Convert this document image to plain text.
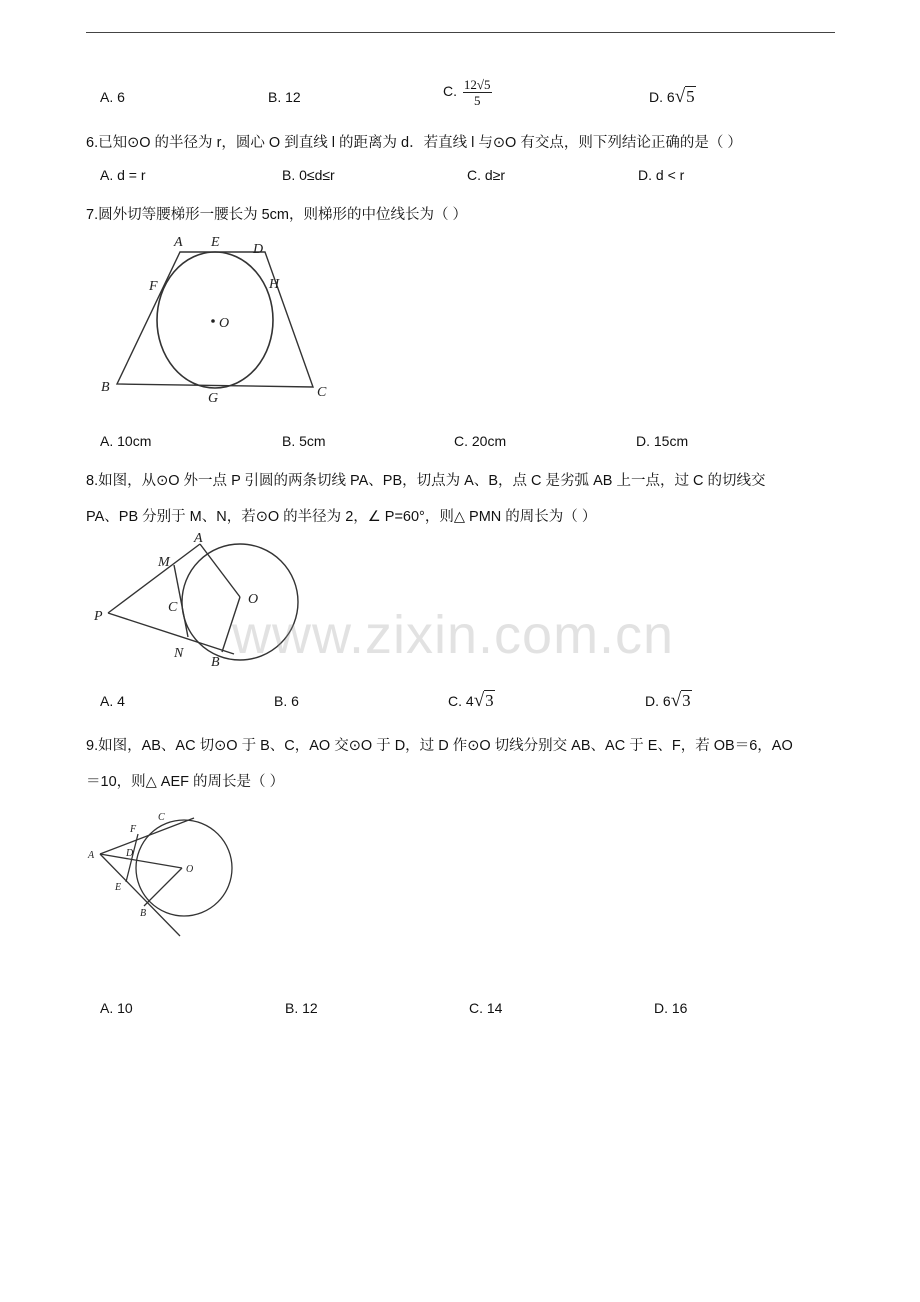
A. 6	B. 12	C. $\frac{12√5}{5}$	D. 6√5
6.已知⊙O 的半径为 r，圆心 O 到直线 l 的距离为 d．若直线 l 与⊙O 有交点，则下列结论正确的是（ ）
A. d = r	B. 0≤d≤r	C. d≥r	D. d < r
7.圆外切等腰梯形一腰长为 5cm，则梯形的中位线长为（ ）
A E D
F	H
O
B
G	C
A. 10cm	B. 5cm	C. 20cm	D. 15cm
8.如图，从⊙O 外一点 P 引圆的两条切线 PA、PB，切点为 A、B，点 C 是劣弧 AB 上一点，过 C 的切线交
PA、PB 分别于 M、N，若⊙O 的半径为 2，∠ P=60°，则△ PMN 的周长为（ ）
A
M
C
O
P
N
B www.zixin.com.cn
A. 4	B. 6	C. 4√3	D. 6√3
9.如图，AB、AC 切⊙O 于 B、C，AO 交⊙O 于 D，过 D 作⊙O 切线分别交 AB、AC 于 E、F，若 OB＝6，AO
＝10，则△ AEF 的周长是（ ）
A
F
C
D
O
E
B
A. 10	B. 12	C. 14	D. 16
